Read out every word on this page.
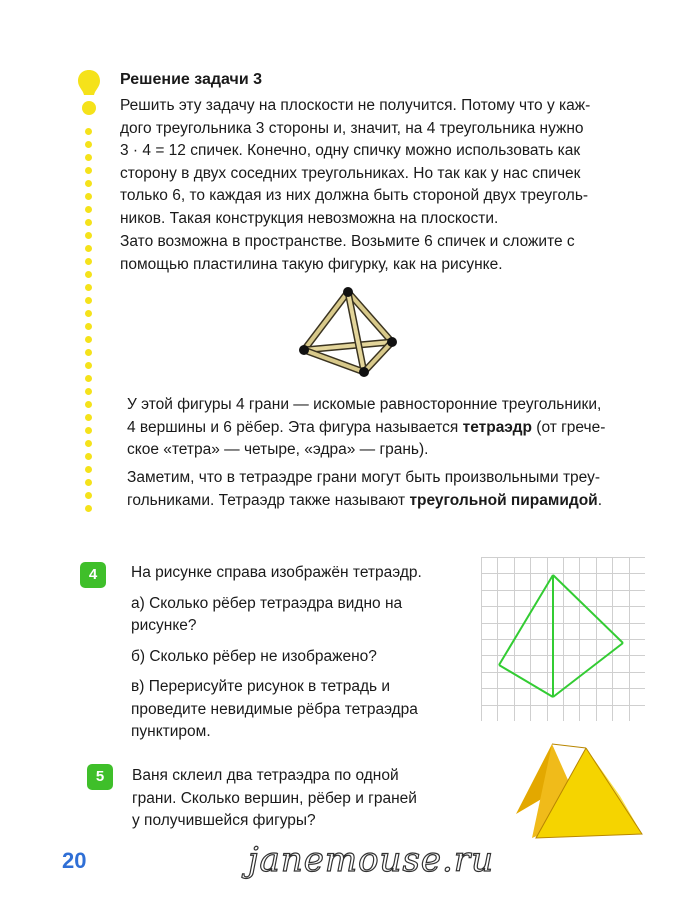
Решение задачи 3

Решить эту задачу на плоскости не получится. Потому что у каж-

дого треугольника 3 стороны и, значит, на 4 треугольника нужно

3 · 4 = 12 спичек. Конечно, одну спичку можно использовать как

сторону в двух соседних треугольниках. Но так как у нас спичек

только 6, то каждая из них должна быть стороной двух треуголь-

ников. Такая конструкция невозможна на плоскости.

Зато возможна в пространстве. Возьмите 6 спичек и сложите с

помощью пластилина такую фигурку, как на рисунке.

У этой фигуры 4 грани — искомые равносторонние треугольники,

4 вершины и 6 рёбер. Эта фигура называется тетраэдр (от грече-

ское «тетра» — четыре, «эдра» — грань).

Заметим, что в тетраэдре грани могут быть произвольными треу-

гольниками. Тетраэдр также называют треугольной пирамидой.

4	На рисунке справа изображён тетраэдр.
а) Сколько рёбер тетраэдра видно на
рисунке?
б) Сколько рёбер не изображено?
в) Перерисуйте рисунок в тетрадь и
проведите невидимые рёбра тетраэдра
пунктиром.
5	Ваня склеил два тетраэдра по одной
грани. Сколько вершин, рёбер и граней
у получившейся фигуры?
20	janemouse.ru
